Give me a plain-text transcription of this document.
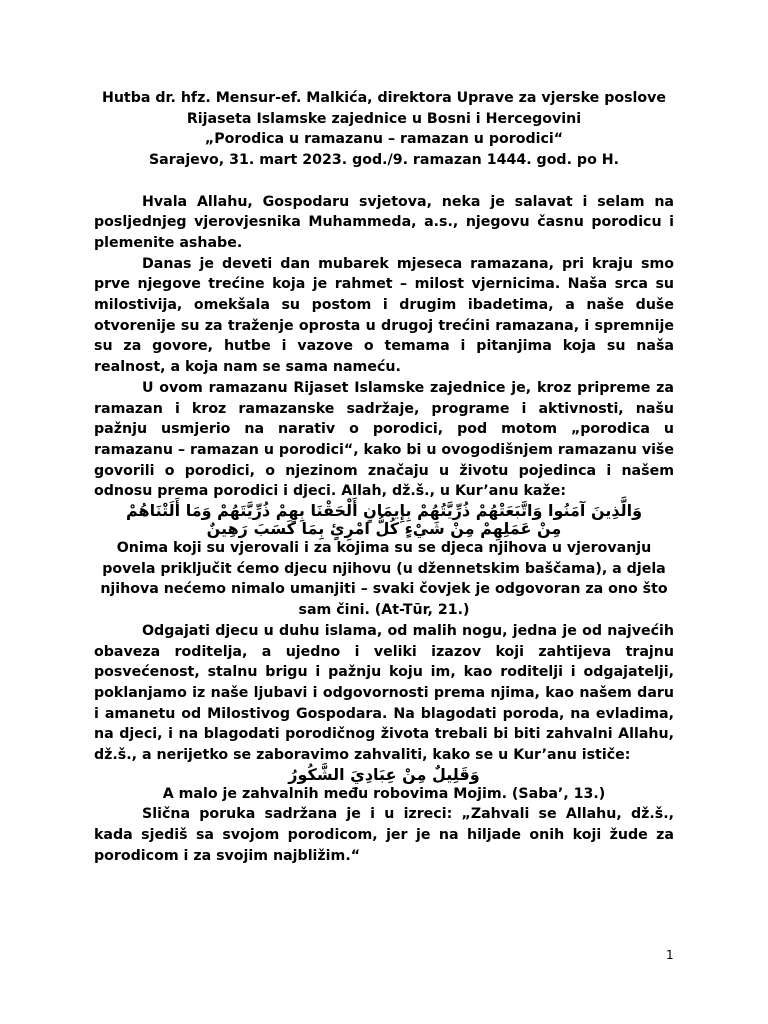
Hutba dr. hfz. Mensur-ef. Malkića, direktora Uprave za vjerske poslove
Rijaseta Islamske zajednice u Bosni i Hercegovini
„Porodica u ramazanu – ramazan u porodici“
Sarajevo, 31. mart 2023. god./9. ramazan 1444. god. po H.

Hvala Allahu, Gospodaru svjetova, neka je salavat i selam na posljednjeg vjerovjesnika Muhammeda, a.s., njegovu časnu porodicu i plemenite ashabe.

Danas je deveti dan mubarek mjeseca ramazana, pri kraju smo prve njegove trećine koja je rahmet – milost vjernicima. Naša srca su milostivija, omekšala su postom i drugim ibadetima, a naše duše otvorenije su za traženje oprosta u drugoj trećini ramazana, i spremnije su za govore, hutbe i vazove o temama i pitanjima koja su naša realnost, a koja nam se sama nameću.

U ovom ramazanu Rijaset Islamske zajednice je, kroz pripreme za ramazan i kroz ramazanske sadržaje, programe i aktivnosti, našu pažnju usmjerio na narativ o porodici, pod motom „porodica u ramazanu – ramazan u porodici“, kako bi u ovogodišnjem ramazanu više govorili o porodici, o njezinom značaju u životu pojedinca i našem odnosu prema porodici i djeci. Allah, dž.š., u Kur’anu kaže:

وَالَّذِينَ آمَنُوا وَاتَّبَعَتْهُمْ ذُرِّيَّتُهُمْ بِإِيمَانٍ أَلْحَقْنَا بِهِمْ ذُرِّيَّتَهُمْ وَمَا أَلَتْنَاهُمْ
مِنْ عَمَلِهِمْ مِنْ شَيْءٍ كُلُّ امْرِئٍ بِمَا كَسَبَ رَهِينٌ

Onima koji su vjerovali i za kojima su se djeca njihova u vjerovanju povela priključit ćemo djecu njihovu (u džennetskim baščama), a djela njihova nećemo nimalo umanjiti – svaki čovjek je odgovoran za ono što sam čini. (At-Tūr, 21.)

Odgajati djecu u duhu islama, od malih nogu, jedna je od najvećih obaveza roditelja, a ujedno i veliki izazov koji zahtijeva trajnu posvećenost, stalnu brigu i pažnju koju im, kao roditelji i odgajatelji, poklanjamo iz naše ljubavi i odgovornosti prema njima, kao našem daru i amanetu od Milostivog Gospodara. Na blagodati poroda, na evladima, na djeci, i na blagodati porodičnog života trebali bi biti zahvalni Allahu, dž.š., a nerijetko se zaboravimo zahvaliti, kako se u Kur’anu ističe:

وَقَلِيلٌ مِنْ عِبَادِيَ الشَّكُورُ

A malo je zahvalnih među robovima Mojim. (Saba’, 13.)

Slična poruka sadržana je i u izreci: „Zahvali se Allahu, dž.š., kada sjediš sa svojom porodicom, jer je na hiljade onih koji žude za porodicom i za svojim najbližim.“

1
